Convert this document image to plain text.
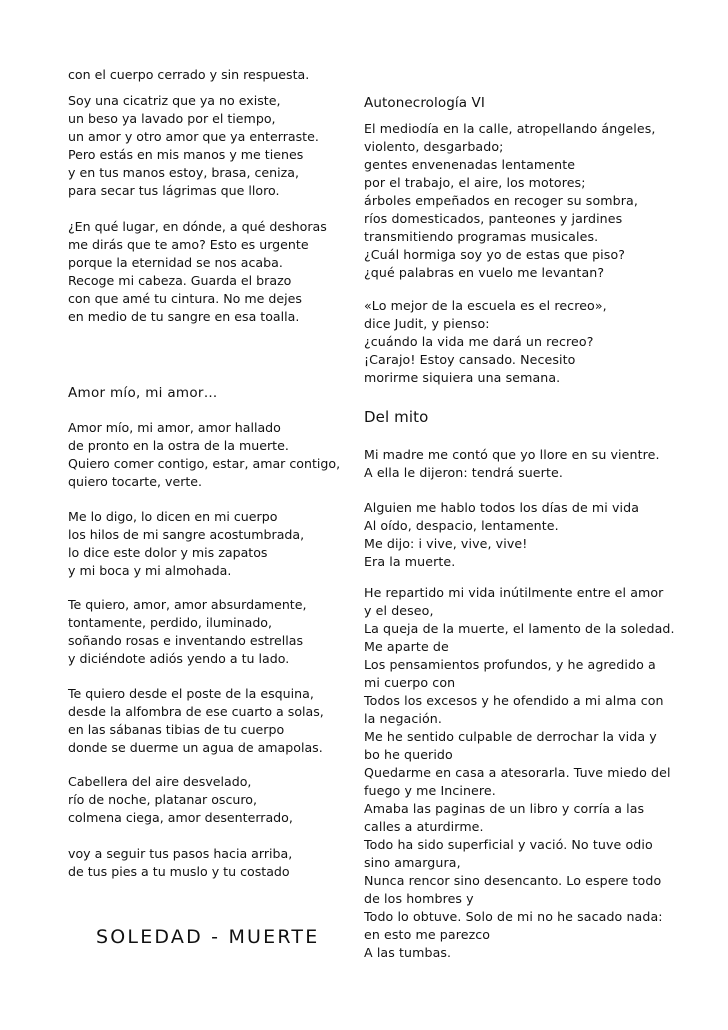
con el cuerpo cerrado y sin respuesta.
Soy una cicatriz que ya no existe,
un beso ya lavado por el tiempo,
un amor y otro amor que ya enterraste.
Pero estás en mis manos y me tienes
y en tus manos estoy, brasa, ceniza,
para secar tus lágrimas que lloro.
¿En qué lugar, en dónde, a qué deshoras
me dirás que te amo? Esto es urgente
porque la eternidad se nos acaba.
Recoge mi cabeza. Guarda el brazo
con que amé tu cintura. No me dejes
en medio de tu sangre en esa toalla.
Amor mío, mi amor…
Amor mío, mi amor, amor hallado
de pronto en la ostra de la muerte.
Quiero comer contigo, estar, amar contigo,
quiero tocarte, verte.
Me lo digo, lo dicen en mi cuerpo
los hilos de mi sangre acostumbrada,
lo dice este dolor y mis zapatos
y mi boca y mi almohada.
Te quiero, amor, amor absurdamente,
tontamente, perdido, iluminado,
soñando rosas e inventando estrellas
y diciéndote adiós yendo a tu lado.
Te quiero desde el poste de la esquina,
desde la alfombra de ese cuarto a solas,
en las sábanas tibias de tu cuerpo
donde se duerme un agua de amapolas.
Cabellera del aire desvelado,
río de noche, platanar oscuro,
colmena ciega, amor desenterrado,
voy a seguir tus pasos hacia arriba,
de tus pies a tu muslo y tu costado
SOLEDAD - MUERTE
Autonecrología VI
El mediodía en la calle, atropellando ángeles,
violento, desgarbado;
gentes envenenadas lentamente
por el trabajo, el aire, los motores;
árboles empeñados en recoger su sombra,
ríos domesticados, panteones y jardines
transmitiendo programas musicales.
¿Cuál hormiga soy yo de estas que piso?
¿qué palabras en vuelo me levantan?
«Lo mejor de la escuela es el recreo»,
dice Judit, y pienso:
¿cuándo la vida me dará un recreo?
¡Carajo! Estoy cansado. Necesito
morirme siquiera una semana.
Del mito
Mi madre me contó que yo llore en su vientre.
A ella le dijeron: tendrá suerte.
Alguien me hablo todos los días de mi vida
Al oído, despacio, lentamente.
Me dijo: i vive, vive, vive!
Era la muerte.
He repartido mi vida inútilmente entre el amor
y el deseo,
La queja de la muerte, el lamento de la soledad.
Me aparte de
Los pensamientos profundos, y he agredido a
mi cuerpo con
Todos los excesos y he ofendido a mi alma con
la negación.
Me he sentido culpable de derrochar la vida y
bo he querido
Quedarme en casa a atesorarla. Tuve miedo del
fuego y me Incinere.
Amaba las paginas de un libro y corría a las
calles a aturdirme.
Todo ha sido superficial y vació. No tuve odio
sino amargura,
Nunca rencor sino desencanto. Lo espere todo
de los hombres y
Todo lo obtuve. Solo de mi no he sacado nada:
en esto me parezco
A las tumbas.
